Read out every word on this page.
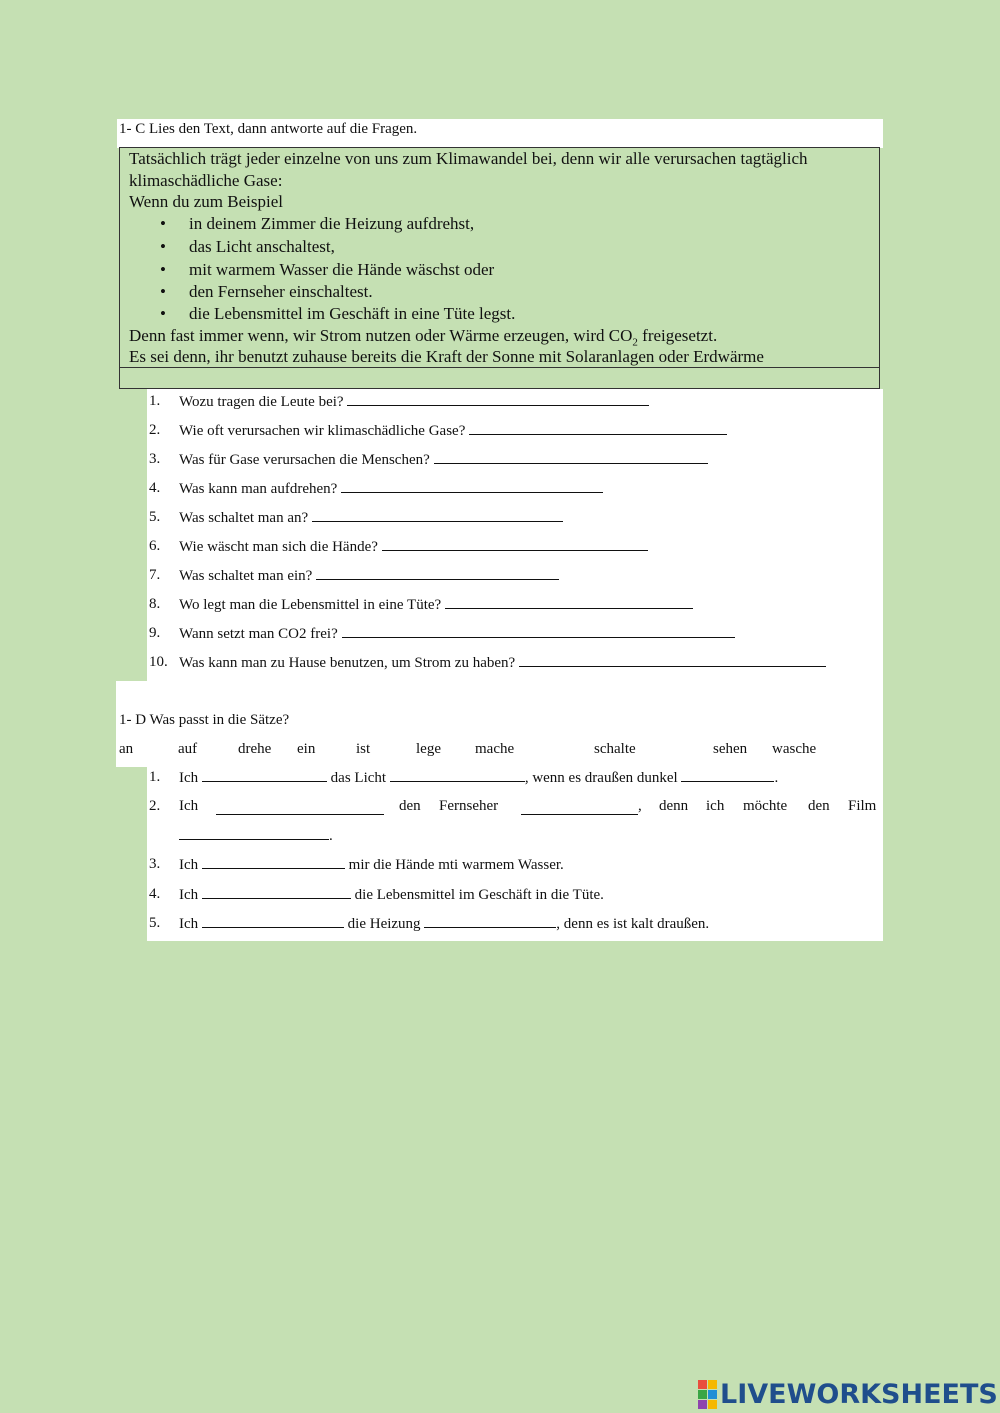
1- C Lies den Text, dann antworte auf die Fragen.
Tatsächlich trägt jeder einzelne von uns zum Klimawandel bei, denn wir alle verursachen tagtäglich
klimaschädliche Gase:
Wenn du zum Beispiel
• in deinem Zimmer die Heizung aufdrehst,
• das Licht anschaltest,
• mit warmem Wasser die Hände wäschst oder
• den Fernseher einschaltest.
• die Lebensmittel im Geschäft in eine Tüte legst.
Denn fast immer wenn, wir Strom nutzen oder Wärme erzeugen, wird $CO_2$ freigesetzt.
Es sei denn, ihr benutzt zuhause bereits die Kraft der Sonne mit Solaranlagen oder Erdwärme
1. Wozu tragen die Leute bei?
2. Wie oft verursachen wir klimaschädliche Gase?
3. Was für Gase verursachen die Menschen?
4. Was kann man aufdrehen?
5. Was schaltet man an?
6. Wie wäscht man sich die Hände?
7. Was schaltet man ein?
8. Wo legt man die Lebensmittel in eine Tüte?
9. Wann setzt man CO2 frei?
10. Was kann man zu Hause benutzen, um Strom zu haben?
1- D Was passt in die Sätze?
an	auf	drehe ein	ist	lege mache	schalte	sehen wasche
1. Ich	das Licht	, wenn es draußen dunkel	.
2. Ich	den Fernseher	, denn ich möchte den Film
.
3. Ich	mir die Hände mti warmem Wasser.
4. Ich	die Lebensmittel im Geschäft in die Tüte.
5. Ich	die Heizung	, denn es ist kalt draußen.
LIVEWORKSHEETS
